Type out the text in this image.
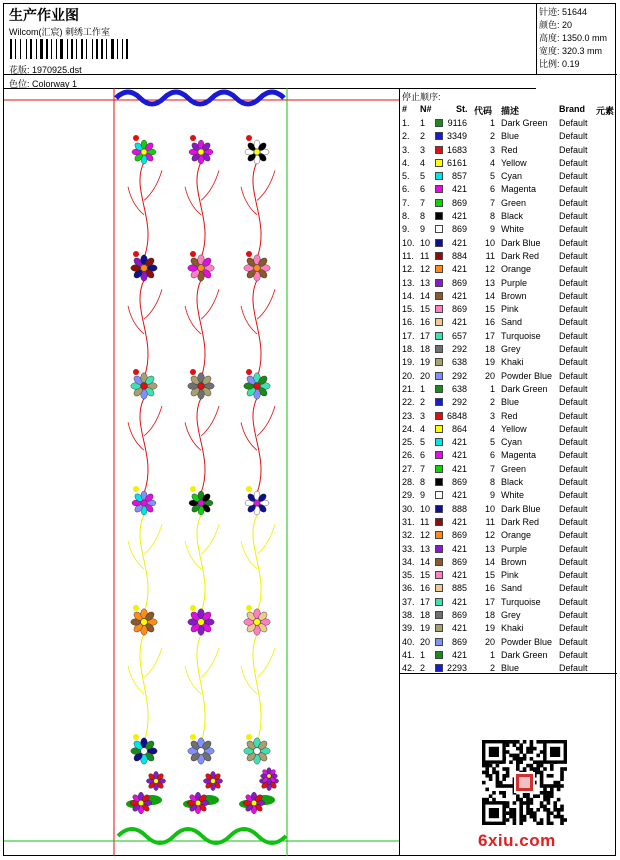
生产作业图
Wilcom(汇宸) 刺绣工作室
花版: 1970925.dst
色位: Colorway 1
针迹: 51644
颜色: 20
高度: 1350.0 mm
宽度: 320.3 mm
比例: 0.19
停止顺序:
# N#	St. 代码 描述	Brand 元素
1. 1	9116	1 Dark Green Default
2. 2 3349	2 Blue	Default
3. 3 1683	3 Red	Default
4. 4 6161	4 Yellow	Default
5. 5	857	5 Cyan	Default
6. 6	421	6 Magenta	Default
7. 7	869	7 Green	Default
8. 8	421	8 Black	Default
9. 9	869	9 White	Default
10. 10 421 10 Dark Blue Default
11. 11	884 11 Dark Red Default
12. 12 421 12 Orange	Default
13. 13 869 13 Purple	Default
14. 14 421 14 Brown	Default
15. 15 869 15 Pink	Default
16. 16 421 16 Sand	Default
17. 17 657 17 Turquoise Default
18. 18 292 18 Grey	Default
19. 19 638 19 Khaki	Default
20. 20 292 20 Powder Blue Default
21. 1	638	1 Dark Green Default
22. 2	292	2 Blue	Default
23. 3 6848	3 Red	Default
24. 4	864	4 Yellow	Default
25. 5	421	5 Cyan	Default
26. 6	421	6 Magenta	Default
27. 7	421	7 Green	Default
28. 8	869	8 Black	Default
29. 9	421	9 White	Default
30. 10 888 10 Dark Blue Default
31. 11	421 11 Dark Red Default
32. 12 869 12 Orange	Default
33. 13 421 13 Purple	Default
34. 14 869 14 Brown	Default
35. 15 421 15 Pink	Default
36. 16 885 16 Sand	Default
37. 17 421 17 Turquoise Default
38. 18 869 18 Grey	Default
39. 19 421 19 Khaki	Default
40. 20 869 20 Powder Blue Default
41. 1	421	1 Dark Green Default
42. 2 2293	2 Blue	Default
6xiu.com
